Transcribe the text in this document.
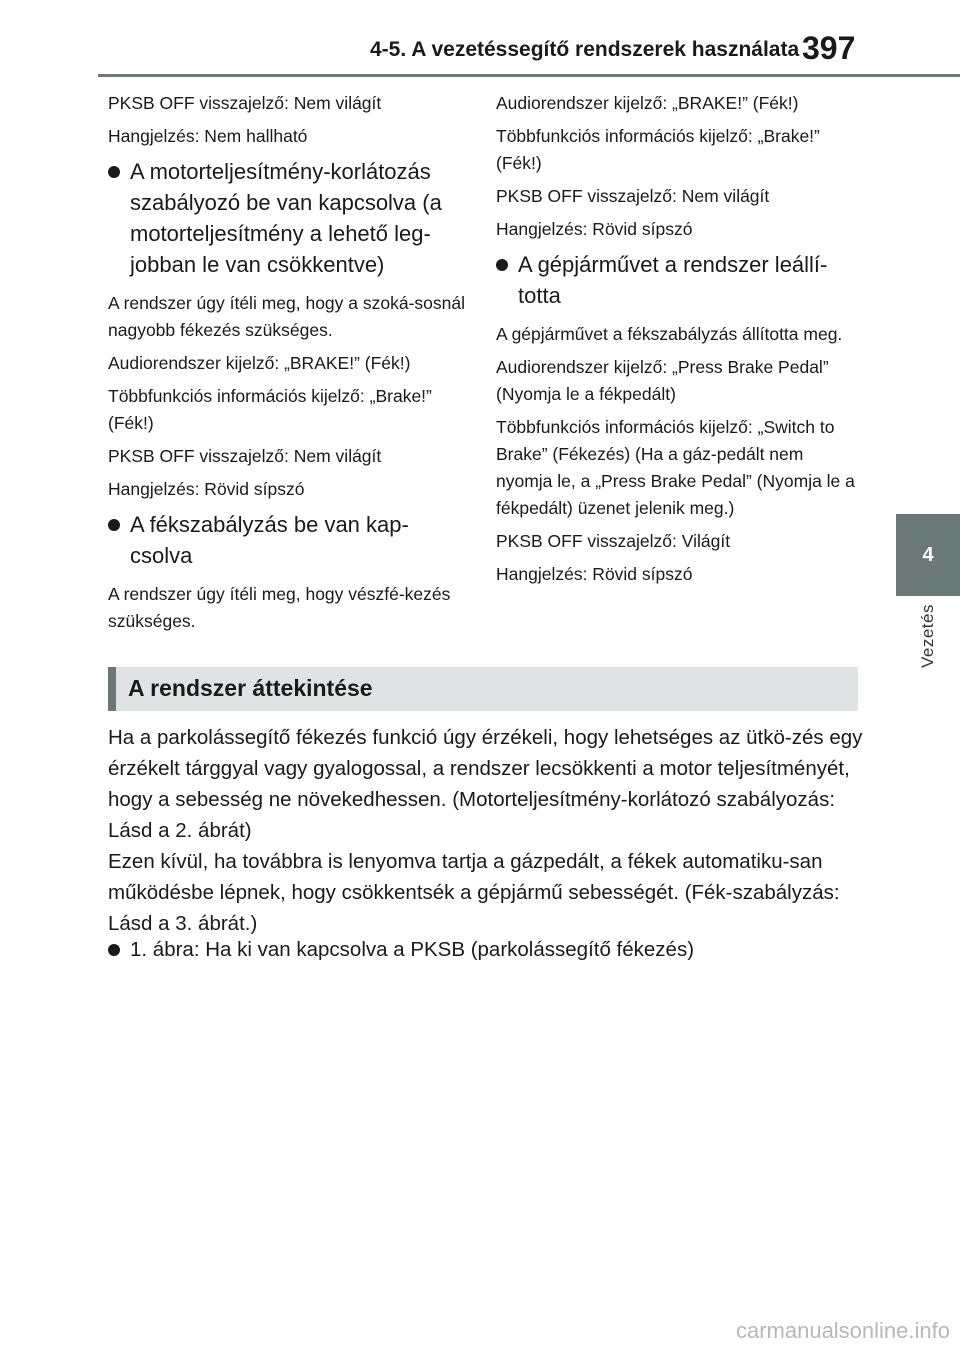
4-5. A vezetéssegítő rendszerek használata 397
4
Vezetés

PKSB OFF visszajelző: Nem világít

Hangjelzés: Nem hallható

A motorteljesítmény-korlátozás szabályozó be van kapcsolva (a motorteljesítmény a lehető leg-jobban le van csökkentve)

A rendszer úgy ítéli meg, hogy a szoká-sosnál nagyobb fékezés szükséges.

Audiorendszer kijelző: „BRAKE!” (Fék!)

Többfunkciós információs kijelző: „Brake!” (Fék!)

PKSB OFF visszajelző: Nem világít

Hangjelzés: Rövid sípszó

A fékszabályzás be van kap-csolva

A rendszer úgy ítéli meg, hogy vészfé-kezés szükséges.

Audiorendszer kijelző: „BRAKE!” (Fék!)

Többfunkciós információs kijelző: „Brake!” (Fék!)

PKSB OFF visszajelző: Nem világít

Hangjelzés: Rövid sípszó

A gépjárművet a rendszer leállí-totta

A gépjárművet a fékszabályzás állította meg.

Audiorendszer kijelző: „Press Brake Pedal” (Nyomja le a fékpedált)

Többfunkciós információs kijelző: „Switch to Brake” (Fékezés) (Ha a gáz-pedált nem nyomja le, a „Press Brake Pedal” (Nyomja le a fékpedált) üzenet jelenik meg.)

PKSB OFF visszajelző: Világít

Hangjelzés: Rövid sípszó

A rendszer áttekintése

Ha a parkolássegítő fékezés funkció úgy érzékeli, hogy lehetséges az ütkö-zés egy érzékelt tárggyal vagy gyalogossal, a rendszer lecsökkenti a motor teljesítményét, hogy a sebesség ne növekedhessen. (Motorteljesítmény-korlátozó szabályozás: Lásd a 2. ábrát)

Ezen kívül, ha továbbra is lenyomva tartja a gázpedált, a fékek automatiku-san működésbe lépnek, hogy csökkentsék a gépjármű sebességét. (Fék-szabályzás: Lásd a 3. ábrát.)

1. ábra: Ha ki van kapcsolva a PKSB (parkolássegítő fékezés)
carmanualsonline.info
